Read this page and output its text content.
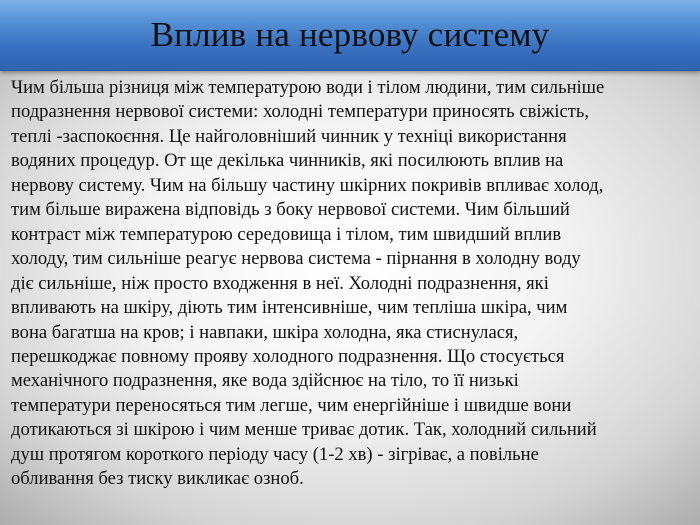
Вплив на нервову систему
Чим більша різниця між температурою води і тілом людини, тим сильніше
подразнення нервової системи: холодні температури приносять свіжість,
теплі -заспокоєння. Це найголовніший чинник у техніці використання
водяних процедур. От ще декілька чинників, які посилюють вплив на
нервову систему. Чим на більшу частину шкірних покривів впливає холод,
тим більше виражена відповідь з боку нервової системи. Чим більший
контраст між температурою середовища і тілом, тим швидший вплив
холоду, тим сильніше реагує нервова система - пірнання в холодну воду
діє сильніше, ніж просто входження в неї. Холодні подразнення, які
впливають на шкіру, діють тим інтенсивніше, чим тепліша шкіра, чим
вона багатша на кров; і навпаки, шкіра холодна, яка стиснулася,
перешкоджає повному прояву холодного подразнення. Що стосується
механічного подразнення, яке вода здійснює на тіло, то її низькі
температури переносяться тим легше, чим енергійніше і швидше вони
дотикаються зі шкірою і чим менше триває дотик. Так, холодний сильний
душ протягом короткого періоду часу (1-2 хв) - зігріває, а повільне
обливання без тиску викликає озноб.
